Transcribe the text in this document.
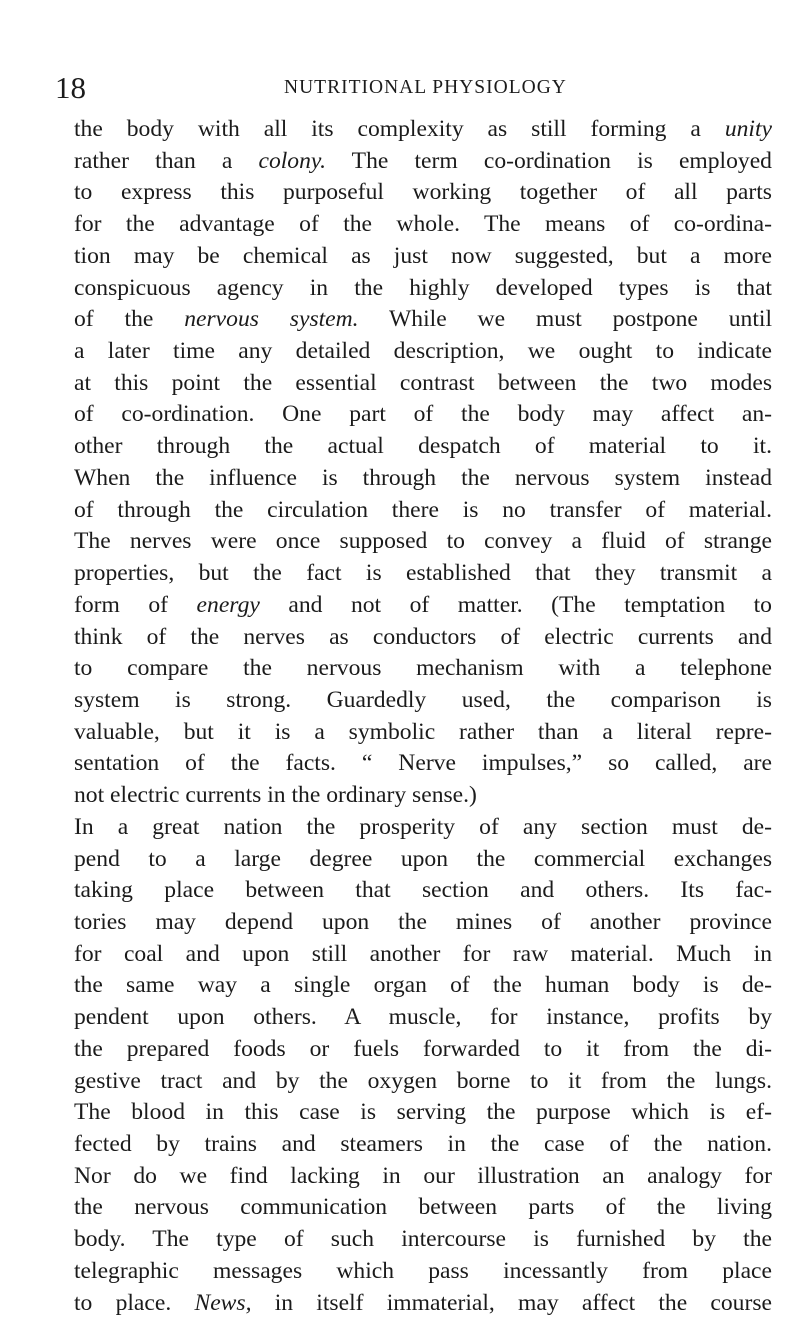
18	NUTRITIONAL PHYSIOLOGY
the body with all its complexity as still forming a unity
rather than a colony. The term co-ordination is employed
to express this purposeful working together of all parts
for the advantage of the whole. The means of co-ordina-
tion may be chemical as just now suggested, but a more
conspicuous agency in the highly developed types is that
of the nervous system. While we must postpone until
a later time any detailed description, we ought to indicate
at this point the essential contrast between the two modes
of co-ordination. One part of the body may affect an-
other through the actual despatch of material to it.
When the influence is through the nervous system instead
of through the circulation there is no transfer of material.
The nerves were once supposed to convey a fluid of strange
properties, but the fact is established that they transmit a
form of energy and not of matter. (The temptation to
think of the nerves as conductors of electric currents and
to compare the nervous mechanism with a telephone
system is strong. Guardedly used, the comparison is
valuable, but it is a symbolic rather than a literal repre-
sentation of the facts. “ Nerve impulses,” so called, are
not electric currents in the ordinary sense.)
In a great nation the prosperity of any section must de-
pend to a large degree upon the commercial exchanges
taking place between that section and others. Its fac-
tories may depend upon the mines of another province
for coal and upon still another for raw material. Much in
the same way a single organ of the human body is de-
pendent upon others. A muscle, for instance, profits by
the prepared foods or fuels forwarded to it from the di-
gestive tract and by the oxygen borne to it from the lungs.
The blood in this case is serving the purpose which is ef-
fected by trains and steamers in the case of the nation.
Nor do we find lacking in our illustration an analogy for
the nervous communication between parts of the living
body. The type of such intercourse is furnished by the
telegraphic messages which pass incessantly from place
to place. News, in itself immaterial, may affect the course
